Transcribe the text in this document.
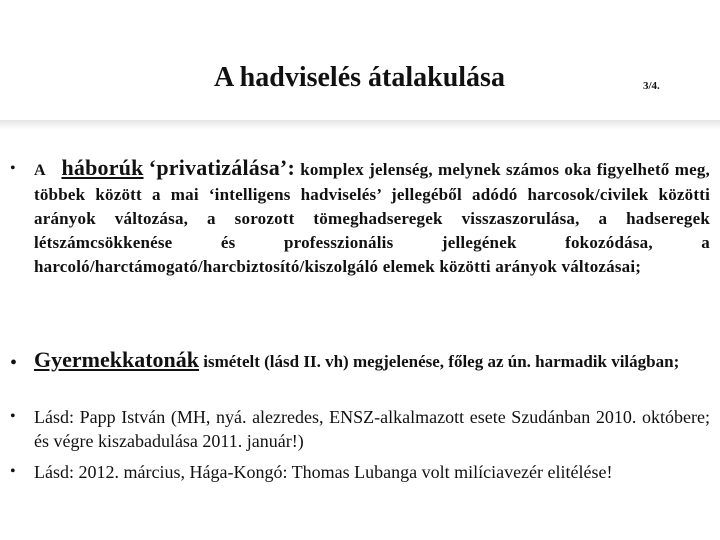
A hadviselés átalakulása	3/4.
• A háborúk ‘privatizálása’: komplex jelenség, melynek számos oka figyelhető meg, többek között a mai ‘intelligens hadviselés’ jellegéből adódó harcosok/civilek közötti arányok változása, a sorozott tömeghadseregek visszaszorulása, a hadseregek létszámcsökkenése és professzionális jellegének fokozódása, a harcoló/harctámogató/harcbiztosító/kiszolgáló elemek közötti arányok változásai;
• Gyermekkatonák ismételt (lásd II. vh) megjelenése, főleg az ún. harmadik világban;
• Lásd: Papp István (MH, nyá. alezredes, ENSZ-alkalmazott esete Szudánban 2010. októbere; és végre kiszabadulása 2011. január!)
• Lásd: 2012. március, Hága-Kongó: Thomas Lubanga volt milíciavezér elitélése!
